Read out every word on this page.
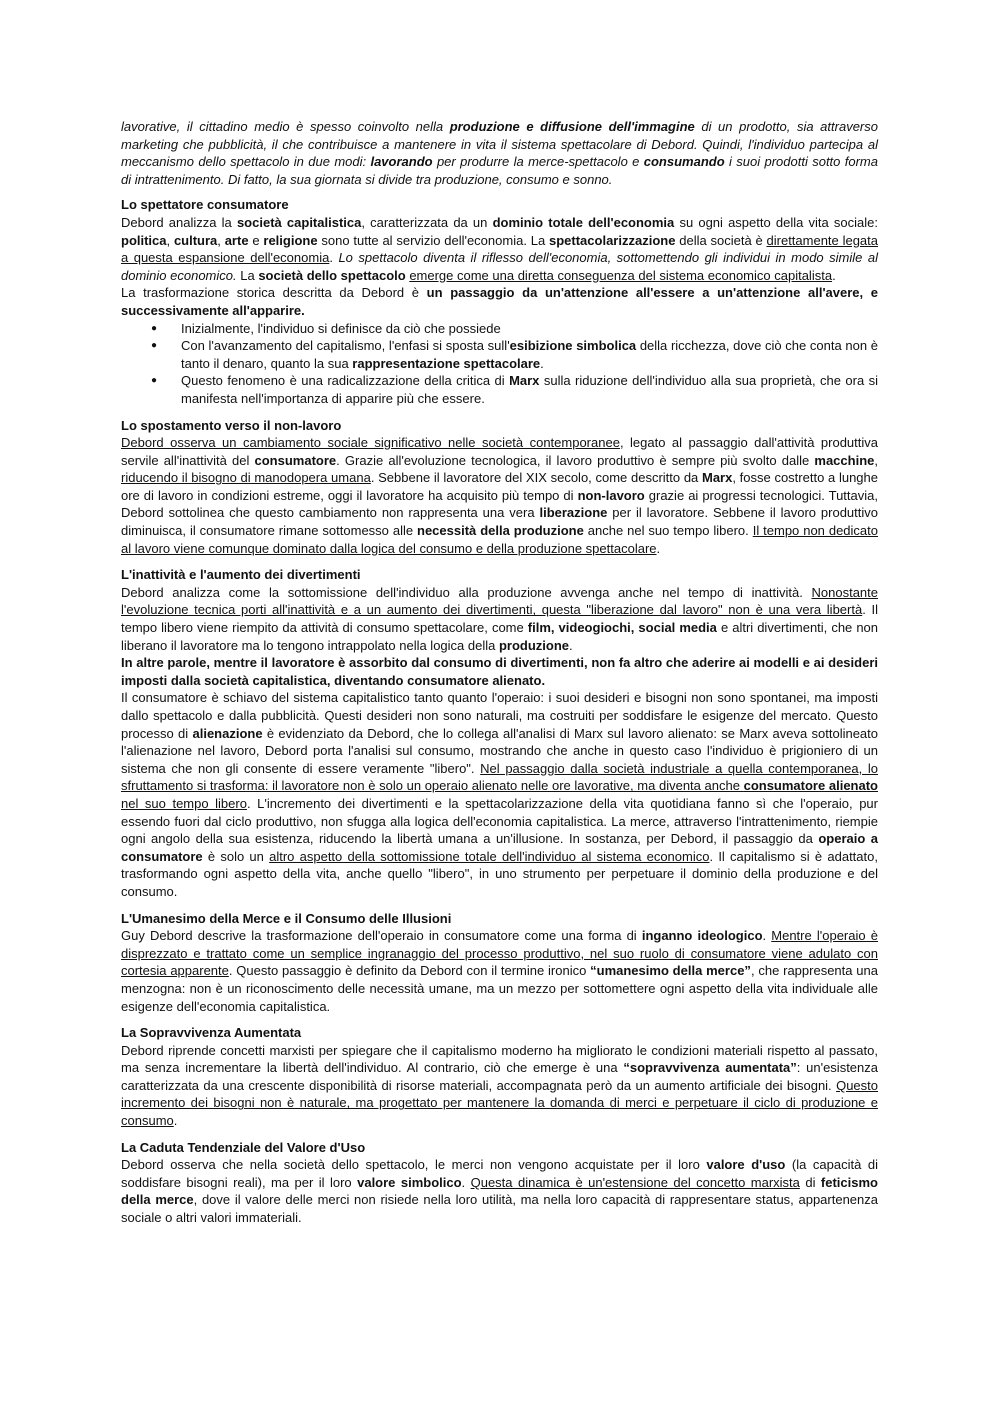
lavorative, il cittadino medio è spesso coinvolto nella produzione e diffusione dell'immagine di un prodotto, sia attraverso marketing che pubblicità, il che contribuisce a mantenere in vita il sistema spettacolare di Debord. Quindi, l'individuo partecipa al meccanismo dello spettacolo in due modi: lavorando per produrre la merce-spettacolo e consumando i suoi prodotti sotto forma di intrattenimento. Di fatto, la sua giornata si divide tra produzione, consumo e sonno.

Lo spettatore consumatore

Debord analizza la società capitalistica, caratterizzata da un dominio totale dell'economia su ogni aspetto della vita sociale: politica, cultura, arte e religione sono tutte al servizio dell'economia. La spettacolarizzazione della società è direttamente legata a questa espansione dell'economia. Lo spettacolo diventa il riflesso dell'economia, sottomettendo gli individui in modo simile al dominio economico. La società dello spettacolo emerge come una diretta conseguenza del sistema economico capitalista.

La trasformazione storica descritta da Debord è un passaggio da un'attenzione all'essere a un'attenzione all'avere, e successivamente all'apparire.

● Inizialmente, l'individuo si definisce da ciò che possiede
● Con l'avanzamento del capitalismo, l'enfasi si sposta sull'esibizione simbolica della ricchezza, dove ciò che conta non è tanto il denaro, quanto la sua rappresentazione spettacolare.
● Questo fenomeno è una radicalizzazione della critica di Marx sulla riduzione dell'individuo alla sua proprietà, che ora si manifesta nell'importanza di apparire più che essere.
Lo spostamento verso il non-lavoro

Debord osserva un cambiamento sociale significativo nelle società contemporanee, legato al passaggio dall'attività produttiva servile all'inattività del consumatore. Grazie all'evoluzione tecnologica, il lavoro produttivo è sempre più svolto dalle macchine, riducendo il bisogno di manodopera umana. Sebbene il lavoratore del XIX secolo, come descritto da Marx, fosse costretto a lunghe ore di lavoro in condizioni estreme, oggi il lavoratore ha acquisito più tempo di non-lavoro grazie ai progressi tecnologici. Tuttavia, Debord sottolinea che questo cambiamento non rappresenta una vera liberazione per il lavoratore. Sebbene il lavoro produttivo diminuisca, il consumatore rimane sottomesso alle necessità della produzione anche nel suo tempo libero. Il tempo non dedicato al lavoro viene comunque dominato dalla logica del consumo e della produzione spettacolare.

L'inattività e l'aumento dei divertimenti

Debord analizza come la sottomissione dell'individuo alla produzione avvenga anche nel tempo di inattività. Nonostante l'evoluzione tecnica porti all'inattività e a un aumento dei divertimenti, questa "liberazione dal lavoro" non è una vera libertà. Il tempo libero viene riempito da attività di consumo spettacolare, come film, videogiochi, social media e altri divertimenti, che non liberano il lavoratore ma lo tengono intrappolato nella logica della produzione.

In altre parole, mentre il lavoratore è assorbito dal consumo di divertimenti, non fa altro che aderire ai modelli e ai desideri imposti dalla società capitalistica, diventando consumatore alienato.

Il consumatore è schiavo del sistema capitalistico tanto quanto l'operaio: i suoi desideri e bisogni non sono spontanei, ma imposti dallo spettacolo e dalla pubblicità. Questi desideri non sono naturali, ma costruiti per soddisfare le esigenze del mercato. Questo processo di alienazione è evidenziato da Debord, che lo collega all'analisi di Marx sul lavoro alienato: se Marx aveva sottolineato l'alienazione nel lavoro, Debord porta l'analisi sul consumo, mostrando che anche in questo caso l'individuo è prigioniero di un sistema che non gli consente di essere veramente "libero". Nel passaggio dalla società industriale a quella contemporanea, lo sfruttamento si trasforma: il lavoratore non è solo un operaio alienato nelle ore lavorative, ma diventa anche consumatore alienato nel suo tempo libero. L'incremento dei divertimenti e la spettacolarizzazione della vita quotidiana fanno sì che l'operaio, pur essendo fuori dal ciclo produttivo, non sfugga alla logica dell'economia capitalistica. La merce, attraverso l'intrattenimento, riempie ogni angolo della sua esistenza, riducendo la libertà umana a un'illusione. In sostanza, per Debord, il passaggio da operaio a consumatore è solo un altro aspetto della sottomissione totale dell'individuo al sistema economico. Il capitalismo si è adattato, trasformando ogni aspetto della vita, anche quello "libero", in uno strumento per perpetuare il dominio della produzione e del consumo.

L'Umanesimo della Merce e il Consumo delle Illusioni

Guy Debord descrive la trasformazione dell'operaio in consumatore come una forma di inganno ideologico. Mentre l'operaio è disprezzato e trattato come un semplice ingranaggio del processo produttivo, nel suo ruolo di consumatore viene adulato con cortesia apparente. Questo passaggio è definito da Debord con il termine ironico “umanesimo della merce”, che rappresenta una menzogna: non è un riconoscimento delle necessità umane, ma un mezzo per sottomettere ogni aspetto della vita individuale alle esigenze dell'economia capitalistica.

La Sopravvivenza Aumentata

Debord riprende concetti marxisti per spiegare che il capitalismo moderno ha migliorato le condizioni materiali rispetto al passato, ma senza incrementare la libertà dell'individuo. Al contrario, ciò che emerge è una “sopravvivenza aumentata”: un'esistenza caratterizzata da una crescente disponibilità di risorse materiali, accompagnata però da un aumento artificiale dei bisogni. Questo incremento dei bisogni non è naturale, ma progettato per mantenere la domanda di merci e perpetuare il ciclo di produzione e consumo.

La Caduta Tendenziale del Valore d'Uso

Debord osserva che nella società dello spettacolo, le merci non vengono acquistate per il loro valore d'uso (la capacità di soddisfare bisogni reali), ma per il loro valore simbolico. Questa dinamica è un'estensione del concetto marxista di feticismo della merce, dove il valore delle merci non risiede nella loro utilità, ma nella loro capacità di rappresentare status, appartenenza sociale o altri valori immateriali.
